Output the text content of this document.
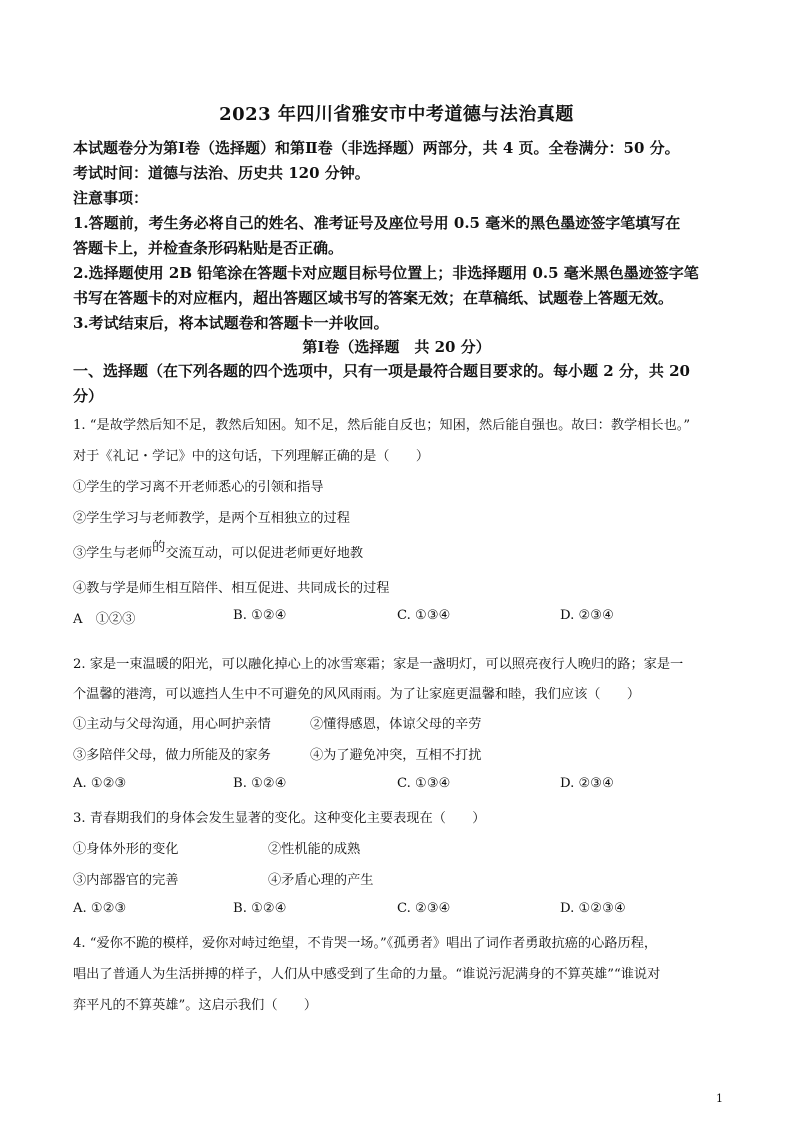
2023 年四川省雅安市中考道德与法治真题
本试题卷分为第Ⅰ卷（选择题）和第Ⅱ卷（非选择题）两部分，共 4 页。全卷满分：50 分。
考试时间：道德与法治、历史共 120 分钟。
注意事项：
1.答题前，考生务必将自己的姓名、准考证号及座位号用 0.5 毫米的黑色墨迹签字笔填写在
答题卡上，并检查条形码粘贴是否正确。
2.选择题使用 2B 铅笔涂在答题卡对应题目标号位置上；非选择题用 0.5 毫米黑色墨迹签字笔
书写在答题卡的对应框内，超出答题区域书写的答案无效；在草稿纸、试题卷上答题无效。
3.考试结束后，将本试题卷和答题卡一并收回。
第Ⅰ卷（选择题　共 20 分）
一、选择题（在下列各题的四个选项中，只有一项是最符合题目要求的。每小题 2 分，共 20
分）
1. “是故学然后知不足，教然后知困。知不足，然后能自反也；知困，然后能自强也。故曰：教学相长也。”
对于《礼记・学记》中的这句话，下列理解正确的是（　　）
①学生的学习离不开老师悉心的引领和指导
②学生学习与老师教学，是两个互相独立的过程
③学生与老师的交流互动，可以促进老师更好地教
④教与学是师生相互陪伴、相互促进、共同成长的过程
A　①②③	B. ①②④	C. ①③④	D. ②③④
2. 家是一束温暖的阳光，可以融化掉心上的冰雪寒霜；家是一盏明灯，可以照亮夜行人晚归的路；家是一
个温馨的港湾，可以遮挡人生中不可避免的风风雨雨。为了让家庭更温馨和睦，我们应该（　　）
①主动与父母沟通，用心呵护亲情	②懂得感恩，体谅父母的辛劳
③多陪伴父母，做力所能及的家务	④为了避免冲突，互相不打扰
A. ①②③	B. ①②④	C. ①③④	D. ②③④
3. 青春期我们的身体会发生显著的变化。这种变化主要表现在（　　）
①身体外形的变化	②性机能的成熟
③内部器官的完善	④矛盾心理的产生
A. ①②③	B. ①②④	C. ②③④	D. ①②③④
4. “爱你不跪的模样，爱你对峙过绝望，不肯哭一场。”《孤勇者》唱出了词作者勇敢抗癌的心路历程，
唱出了普通人为生活拼搏的样子，人们从中感受到了生命的力量。“谁说污泥满身的不算英雄”“谁说对
弈平凡的不算英雄”。这启示我们（　　）
1
